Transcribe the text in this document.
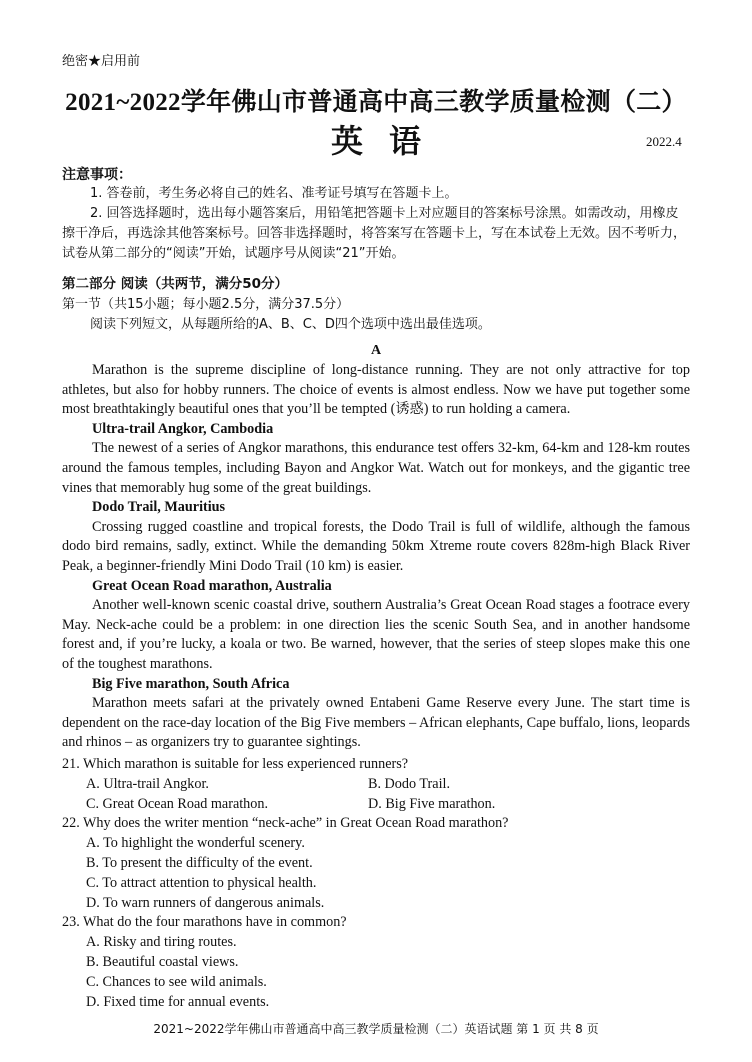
绝密★启用前
2021~2022学年佛山市普通高中高三教学质量检测（二）
英语	2022.4
注意事项：

1. 答卷前，考生务必将自己的姓名、准考证号填写在答题卡上。

2. 回答选择题时，选出每小题答案后，用铅笔把答题卡上对应题目的答案标号涂黑。如需改动，用橡皮擦干净后，再选涂其他答案标号。回答非选择题时，将答案写在答题卡上，写在本试卷上无效。因不考听力，试卷从第二部分的“阅读”开始，试题序号从阅读“21”开始。

第二部分 阅读（共两节，满分50分）
第一节（共15小题；每小题2.5分，满分37.5分）
阅读下列短文，从每题所给的A、B、C、D四个选项中选出最佳选项。
A

Marathon is the supreme discipline of long-distance running. They are not only attractive for top athletes, but also for hobby runners. The choice of events is almost endless. Now we have put together some most breathtakingly beautiful ones that you’ll be tempted (诱惑) to run holding a camera.

Ultra-trail Angkor, Cambodia

The newest of a series of Angkor marathons, this endurance test offers 32-km, 64-km and 128-km routes around the famous temples, including Bayon and Angkor Wat. Watch out for monkeys, and the gigantic tree vines that memorably hug some of the great buildings.

Dodo Trail, Mauritius

Crossing rugged coastline and tropical forests, the Dodo Trail is full of wildlife, although the famous dodo bird remains, sadly, extinct. While the demanding 50km Xtreme route covers 828m-high Black River Peak, a beginner-friendly Mini Dodo Trail (10 km) is easier.

Great Ocean Road marathon, Australia

Another well-known scenic coastal drive, southern Australia’s Great Ocean Road stages a footrace every May. Neck-ache could be a problem: in one direction lies the scenic South Sea, and in another handsome forest and, if you’re lucky, a koala or two. Be warned, however, that the series of steep slopes make this one of the toughest marathons.

Big Five marathon, South Africa

Marathon meets safari at the privately owned Entabeni Game Reserve every June. The start time is dependent on the race-day location of the Big Five members – African elephants, Cape buffalo, lions, leopards and rhinos – as organizers try to guarantee sightings.

21. Which marathon is suitable for less experienced runners?

A. Ultra-trail Angkor.	B. Dodo Trail.
C. Great Ocean Road marathon.	D. Big Five marathon.

22. Why does the writer mention “neck-ache” in Great Ocean Road marathon?

A. To highlight the wonderful scenery.

B. To present the difficulty of the event.

C. To attract attention to physical health.

D. To warn runners of dangerous animals.

23. What do the four marathons have in common?

A. Risky and tiring routes.

B. Beautiful coastal views.

C. Chances to see wild animals.

D. Fixed time for annual events.

2021~2022学年佛山市普通高中高三教学质量检测（二）英语试题 第 1 页 共 8 页
